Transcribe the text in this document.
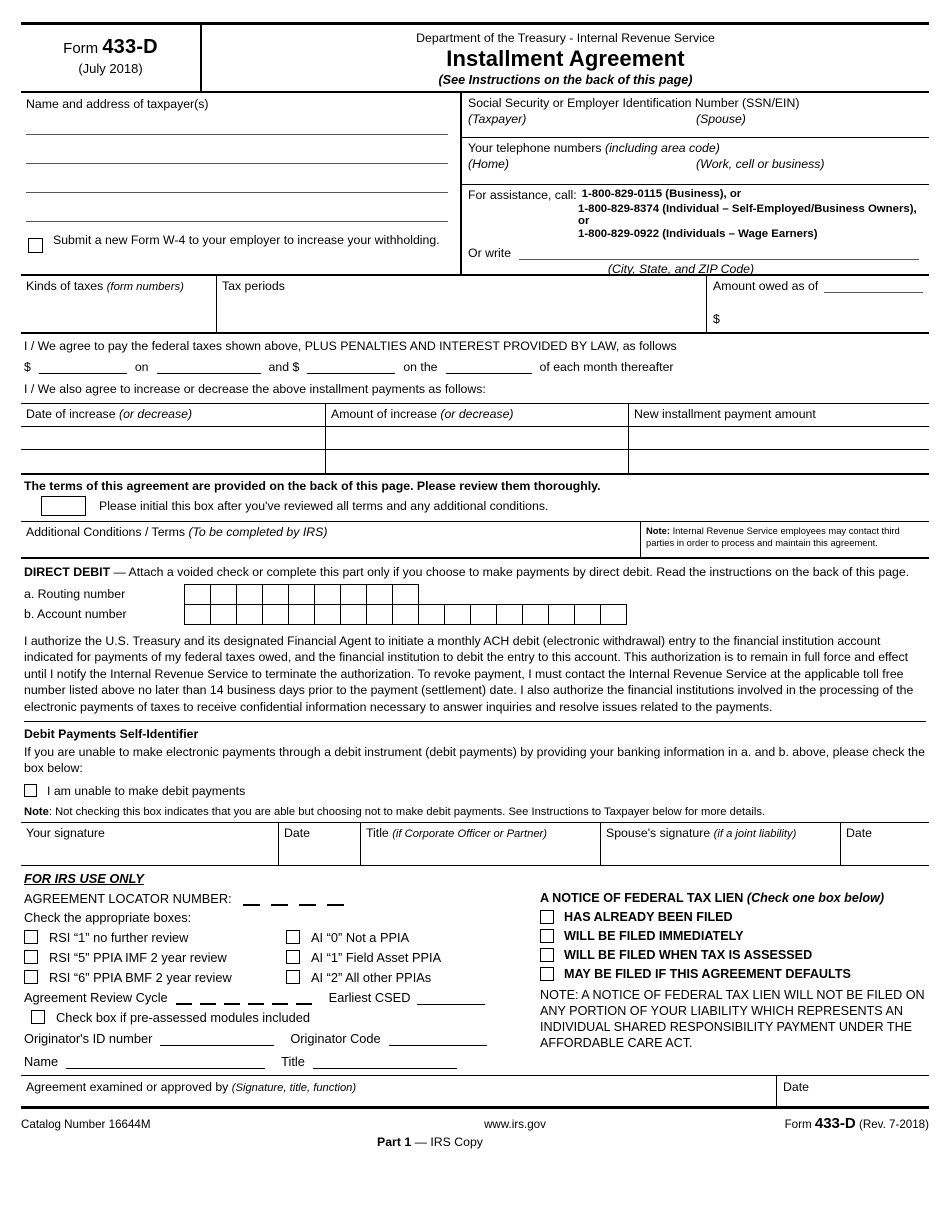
Form 433-D
(July 2018)
Department of the Treasury - Internal Revenue Service
Installment Agreement
(See Instructions on the back of this page)
Name and address of taxpayer(s)
Submit a new Form W-4 to your employer to increase your withholding.
Social Security or Employer Identification Number (SSN/EIN)
(Taxpayer)	(Spouse)
Your telephone numbers (including area code)
(Home)	(Work, cell or business)
For assistance, call: 1-800-829-0115 (Business), or
1-800-829-8374 (Individual – Self-Employed/Business Owners), or
1-800-829-0922 (Individuals – Wage Earners)
Or write
(City, State, and ZIP Code)
Kinds of taxes (form numbers)	Tax periods	Amount owed as of
$
I / We agree to pay the federal taxes shown above, PLUS PENALTIES AND INTEREST PROVIDED BY LAW, as follows
$	on	and $	on the	of each month thereafter
I / We also agree to increase or decrease the above installment payments as follows:
Date of increase (or decrease)	Amount of increase (or decrease)	New installment payment amount
The terms of this agreement are provided on the back of this page. Please review them thoroughly.
Please initial this box after you've reviewed all terms and any additional conditions.
Additional Conditions / Terms (To be completed by IRS)	Note: Internal Revenue Service employees may contact third parties in order to process and maintain this agreement.
DIRECT DEBIT — Attach a voided check or complete this part only if you choose to make payments by direct debit. Read the instructions on the back of this page.
a. Routing number
b. Account number
I authorize the U.S. Treasury and its designated Financial Agent to initiate a monthly ACH debit (electronic withdrawal) entry to the financial institution account indicated for payments of my federal taxes owed, and the financial institution to debit the entry to this account. This authorization is to remain in full force and effect until I notify the Internal Revenue Service to terminate the authorization. To revoke payment, I must contact the Internal Revenue Service at the applicable toll free number listed above no later than 14 business days prior to the payment (settlement) date. I also authorize the financial institutions involved in the processing of the electronic payments of taxes to receive confidential information necessary to answer inquiries and resolve issues related to the payments.
Debit Payments Self-Identifier
If you are unable to make electronic payments through a debit instrument (debit payments) by providing your banking information in a. and b. above, please check the box below:
I am unable to make debit payments
Note: Not checking this box indicates that you are able but choosing not to make debit payments. See Instructions to Taxpayer below for more details.
Your signature	Date	Title (if Corporate Officer or Partner)	Spouse's signature (if a joint liability)	Date
FOR IRS USE ONLY
AGREEMENT LOCATOR NUMBER:
Check the appropriate boxes:
RSI “1” no further review	AI “0” Not a PPIA
RSI “5” PPIA IMF 2 year review	AI “1” Field Asset PPIA
RSI “6” PPIA BMF 2 year review	AI “2” All other PPIAs
Agreement Review Cycle	Earliest CSED
Check box if pre-assessed modules included
Originator's ID number	Originator Code
Name	Title
A NOTICE OF FEDERAL TAX LIEN (Check one box below)
HAS ALREADY BEEN FILED
WILL BE FILED IMMEDIATELY
WILL BE FILED WHEN TAX IS ASSESSED
MAY BE FILED IF THIS AGREEMENT DEFAULTS
NOTE: A NOTICE OF FEDERAL TAX LIEN WILL NOT BE FILED ON ANY PORTION OF YOUR LIABILITY WHICH REPRESENTS AN INDIVIDUAL SHARED RESPONSIBILITY PAYMENT UNDER THE AFFORDABLE CARE ACT.
Agreement examined or approved by (Signature, title, function)	Date
Catalog Number 16644M	www.irs.gov	Form 433-D (Rev. 7-2018)
Part 1 — IRS Copy
